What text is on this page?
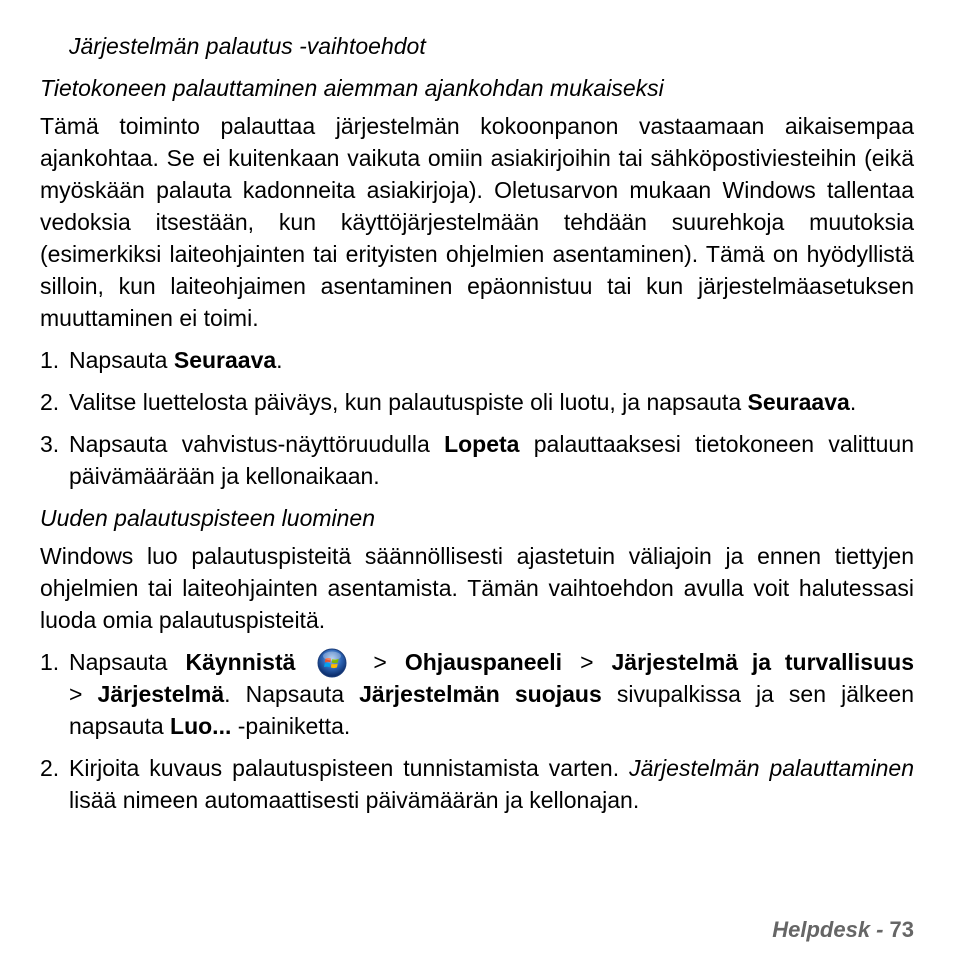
Järjestelmän palautus -vaihtoehdot
Tietokoneen palauttaminen aiemman ajankohdan mukaiseksi
Tämä toiminto palauttaa järjestelmän kokoonpanon vastaamaan aikaisempaa ajankohtaa. Se ei kuitenkaan vaikuta omiin asiakirjoihin tai sähköpostiviesteihin (eikä myöskään palauta kadonneita asiakirjoja). Oletusarvon mukaan Windows tallentaa vedoksia itsestään, kun käyttöjärjestelmään tehdään suurehkoja muutoksia (esimerkiksi laiteohjainten tai erityisten ohjelmien asentaminen). Tämä on hyödyllistä silloin, kun laiteohjaimen asentaminen epäonnistuu tai kun järjestelmäasetuksen muuttaminen ei toimi.
1. Napsauta Seuraava.
2. Valitse luettelosta päiväys, kun palautuspiste oli luotu, ja napsauta Seuraava.
3. Napsauta vahvistus-näyttöruudulla Lopeta palauttaaksesi tietokoneen valittuun päivämäärään ja kellonaikaan.
Uuden palautuspisteen luominen
Windows luo palautuspisteitä säännöllisesti ajastetuin väliajoin ja ennen tiettyjen ohjelmien tai laiteohjainten asentamista. Tämän vaihtoehdon avulla voit halutessasi luoda omia palautuspisteitä.
1. Napsauta Käynnistä	> Ohjauspaneeli > Järjestelmä ja turvallisuus > Järjestelmä. Napsauta Järjestelmän suojaus sivupalkissa ja sen jälkeen napsauta Luo... -painiketta.
2. Kirjoita kuvaus palautuspisteen tunnistamista varten. Järjestelmän palauttaminen lisää nimeen automaattisesti päivämäärän ja kellonajan.
Helpdesk - 73
